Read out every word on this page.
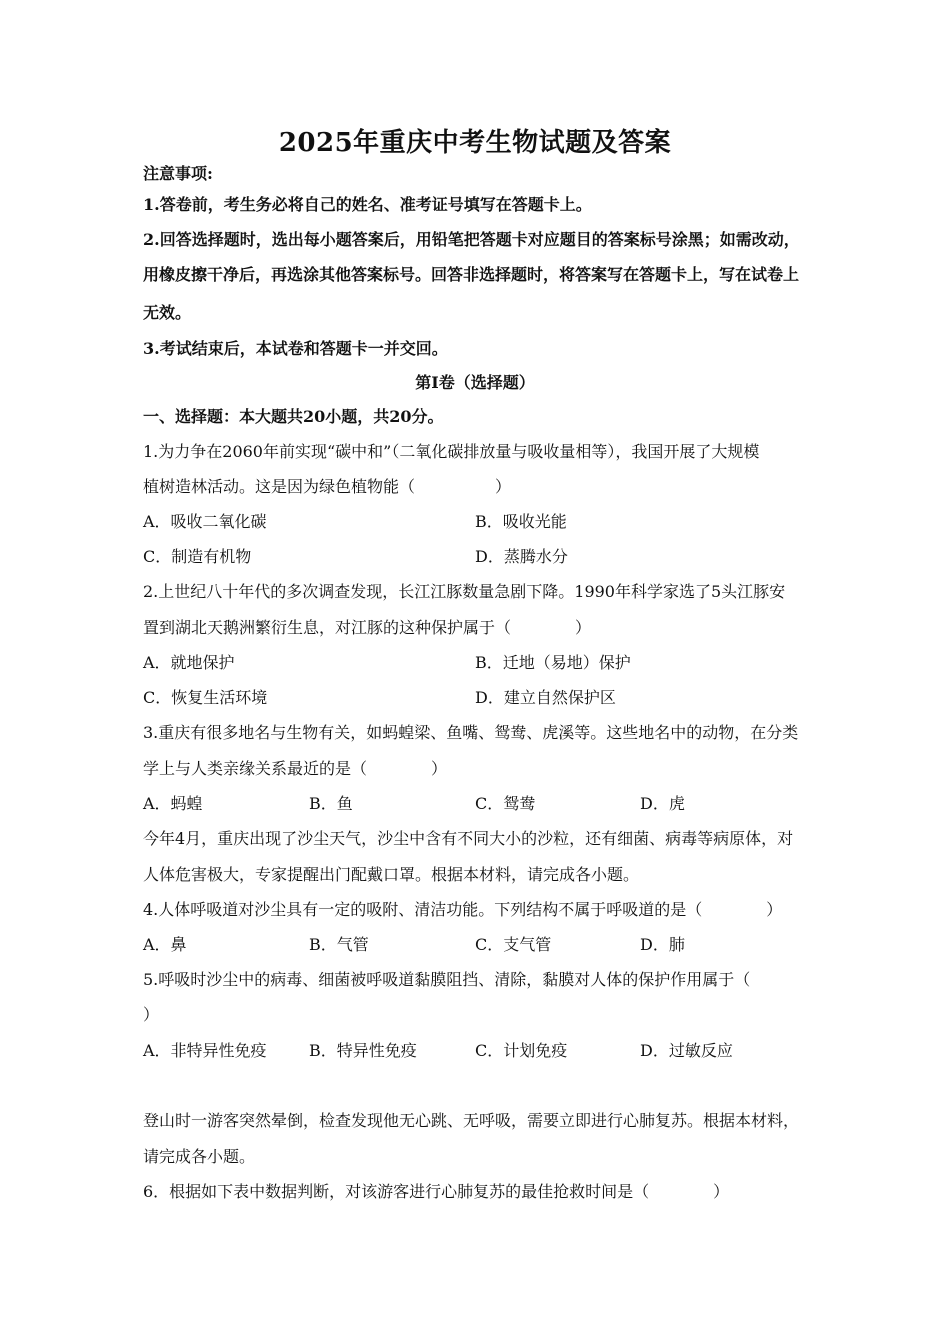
2025年重庆中考生物试题及答案
注意事项:
1.答卷前，考生务必将自己的姓名、准考证号填写在答题卡上。
2.回答选择题时，选出每小题答案后，用铅笔把答题卡对应题目的答案标号涂黑；如需改动，
用橡皮擦干净后，再选涂其他答案标号。回答非选择题时，将答案写在答题卡上，写在试卷上
无效。
3.考试结束后，本试卷和答题卡一并交回。
第Ⅰ卷（选择题）
一、选择题：本大题共20小题，共20分。
1.为力争在2060年前实现“碳中和”（二氧化碳排放量与吸收量相等），我国开展了大规模
植树造林活动。这是因为绿色植物能（　　　　　）
A．吸收二氧化碳	B．吸收光能
C．制造有机物	D．蒸腾水分
2.上世纪八十年代的多次调查发现，长江江豚数量急剧下降。1990年科学家选了5头江豚安
置到湖北天鹅洲繁衍生息，对江豚的这种保护属于（　　　　）
A．就地保护	B．迁地（易地）保护
C．恢复生活环境	D．建立自然保护区
3.重庆有很多地名与生物有关，如蚂蝗梁、鱼嘴、鸳鸯、虎溪等。这些地名中的动物，在分类
学上与人类亲缘关系最近的是（　　　　）
A．蚂蝗	B．鱼	C．鸳鸯	D．虎
今年4月，重庆出现了沙尘天气，沙尘中含有不同大小的沙粒，还有细菌、病毒等病原体，对
人体危害极大，专家提醒出门配戴口罩。根据本材料，请完成各小题。
4.人体呼吸道对沙尘具有一定的吸附、清洁功能。下列结构不属于呼吸道的是（　　　　）
A．鼻	B．气管	C．支气管	D．肺
5.呼吸时沙尘中的病毒、细菌被呼吸道黏膜阻挡、清除，黏膜对人体的保护作用属于（
）
A．非特异性免疫	B．特异性免疫	C．计划免疫	D．过敏反应
登山时一游客突然晕倒，检查发现他无心跳、无呼吸，需要立即进行心肺复苏。根据本材料，
请完成各小题。
6．根据如下表中数据判断，对该游客进行心肺复苏的最佳抢救时间是（　　　　）
